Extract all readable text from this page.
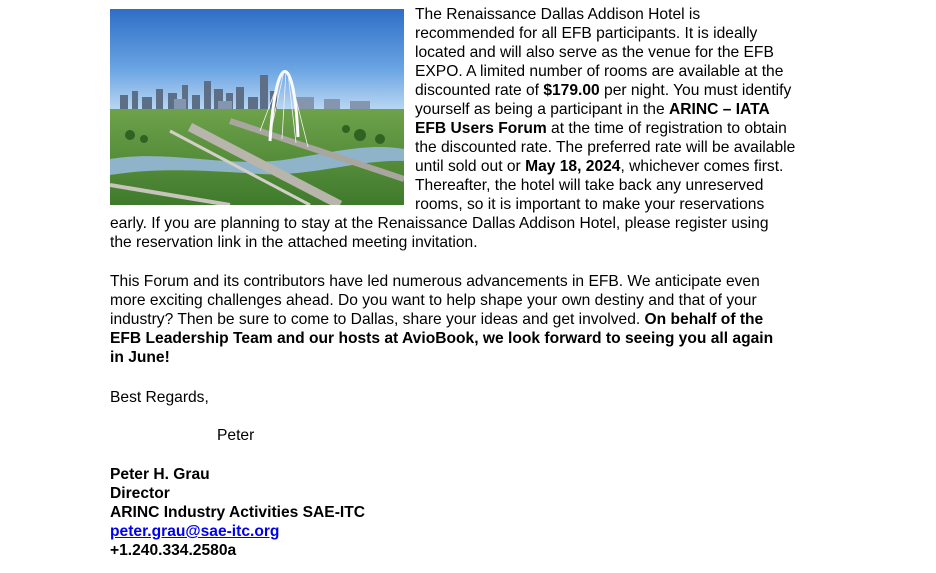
The Renaissance Dallas Addison Hotel is
recommended for all EFB participants. It is ideally
located and will also serve as the venue for the EFB
EXPO. A limited number of rooms are available at the
discounted rate of $179.00 per night. You must identify
yourself as being a participant in the ARINC – IATA
EFB Users Forum at the time of registration to obtain
the discounted rate. The preferred rate will be available
until sold out or May 18, 2024, whichever comes first.
Thereafter, the hotel will take back any unreserved
rooms, so it is important to make your reservations
early. If you are planning to stay at the Renaissance Dallas Addison Hotel, please register using
the reservation link in the attached meeting invitation.
This Forum and its contributors have led numerous advancements in EFB. We anticipate even
more exciting challenges ahead. Do you want to help shape your own destiny and that of your
industry? Then be sure to come to Dallas, share your ideas and get involved. On behalf of the
EFB Leadership Team and our hosts at AvioBook, we look forward to seeing you all again
in June!
Best Regards,
Peter
Peter H. Grau
Director
ARINC Industry Activities SAE-ITC
peter.grau@sae-itc.org
+1.240.334.2580a
